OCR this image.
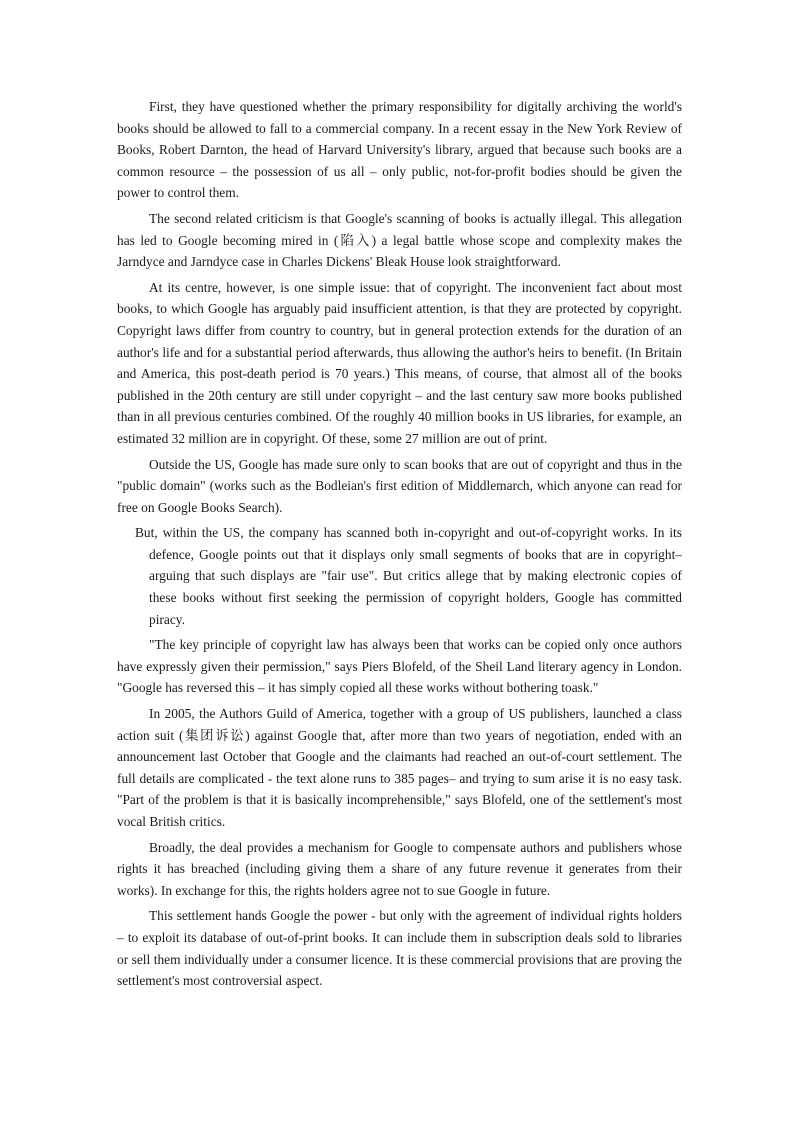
First, they have questioned whether the primary responsibility for digitally archiving the world's books should be allowed to fall to a commercial company. In a recent essay in the New York Review of Books, Robert Darnton, the head of Harvard University's library, argued that because such books are a common resource – the possession of us all – only public, not-for-profit bodies should be given the power to control them.

The second related criticism is that Google's scanning of books is actually illegal. This allegation has led to Google becoming mired in (陷入) a legal battle whose scope and complexity makes the Jarndyce and Jarndyce case in Charles Dickens' Bleak House look straightforward.

At its centre, however, is one simple issue: that of copyright. The inconvenient fact about most books, to which Google has arguably paid insufficient attention, is that they are protected by copyright. Copyright laws differ from country to country, but in general protection extends for the duration of an author's life and for a substantial period afterwards, thus allowing the author's heirs to benefit. (In Britain and America, this post-death period is 70 years.) This means, of course, that almost all of the books published in the 20th century are still under copyright – and the last century saw more books published than in all previous centuries combined. Of the roughly 40 million books in US libraries, for example, an estimated 32 million are in copyright. Of these, some 27 million are out of print.

Outside the US, Google has made sure only to scan books that are out of copyright and thus in the "public domain" (works such as the Bodleian's first edition of Middlemarch, which anyone can read for free on Google Books Search).

But, within the US, the company has scanned both in-copyright and out-of-copyright works. In its defence, Google points out that it displays only small segments of books that are in copyright– arguing that such displays are "fair use". But critics allege that by making electronic copies of these books without first seeking the permission of copyright holders, Google has committed piracy.

"The key principle of copyright law has always been that works can be copied only once authors have expressly given their permission," says Piers Blofeld, of the Sheil Land literary agency in London. "Google has reversed this – it has simply copied all these works without bothering toask."

In 2005, the Authors Guild of America, together with a group of US publishers, launched a class action suit (集团诉讼) against Google that, after more than two years of negotiation, ended with an announcement last October that Google and the claimants had reached an out-of-court settlement. The full details are complicated - the text alone runs to 385 pages– and trying to sum arise it is no easy task. "Part of the problem is that it is basically incomprehensible," says Blofeld, one of the settlement's most vocal British critics.

Broadly, the deal provides a mechanism for Google to compensate authors and publishers whose rights it has breached (including giving them a share of any future revenue it generates from their works). In exchange for this, the rights holders agree not to sue Google in future.

This settlement hands Google the power - but only with the agreement of individual rights holders – to exploit its database of out-of-print books. It can include them in subscription deals sold to libraries or sell them individually under a consumer licence. It is these commercial provisions that are proving the settlement's most controversial aspect.
